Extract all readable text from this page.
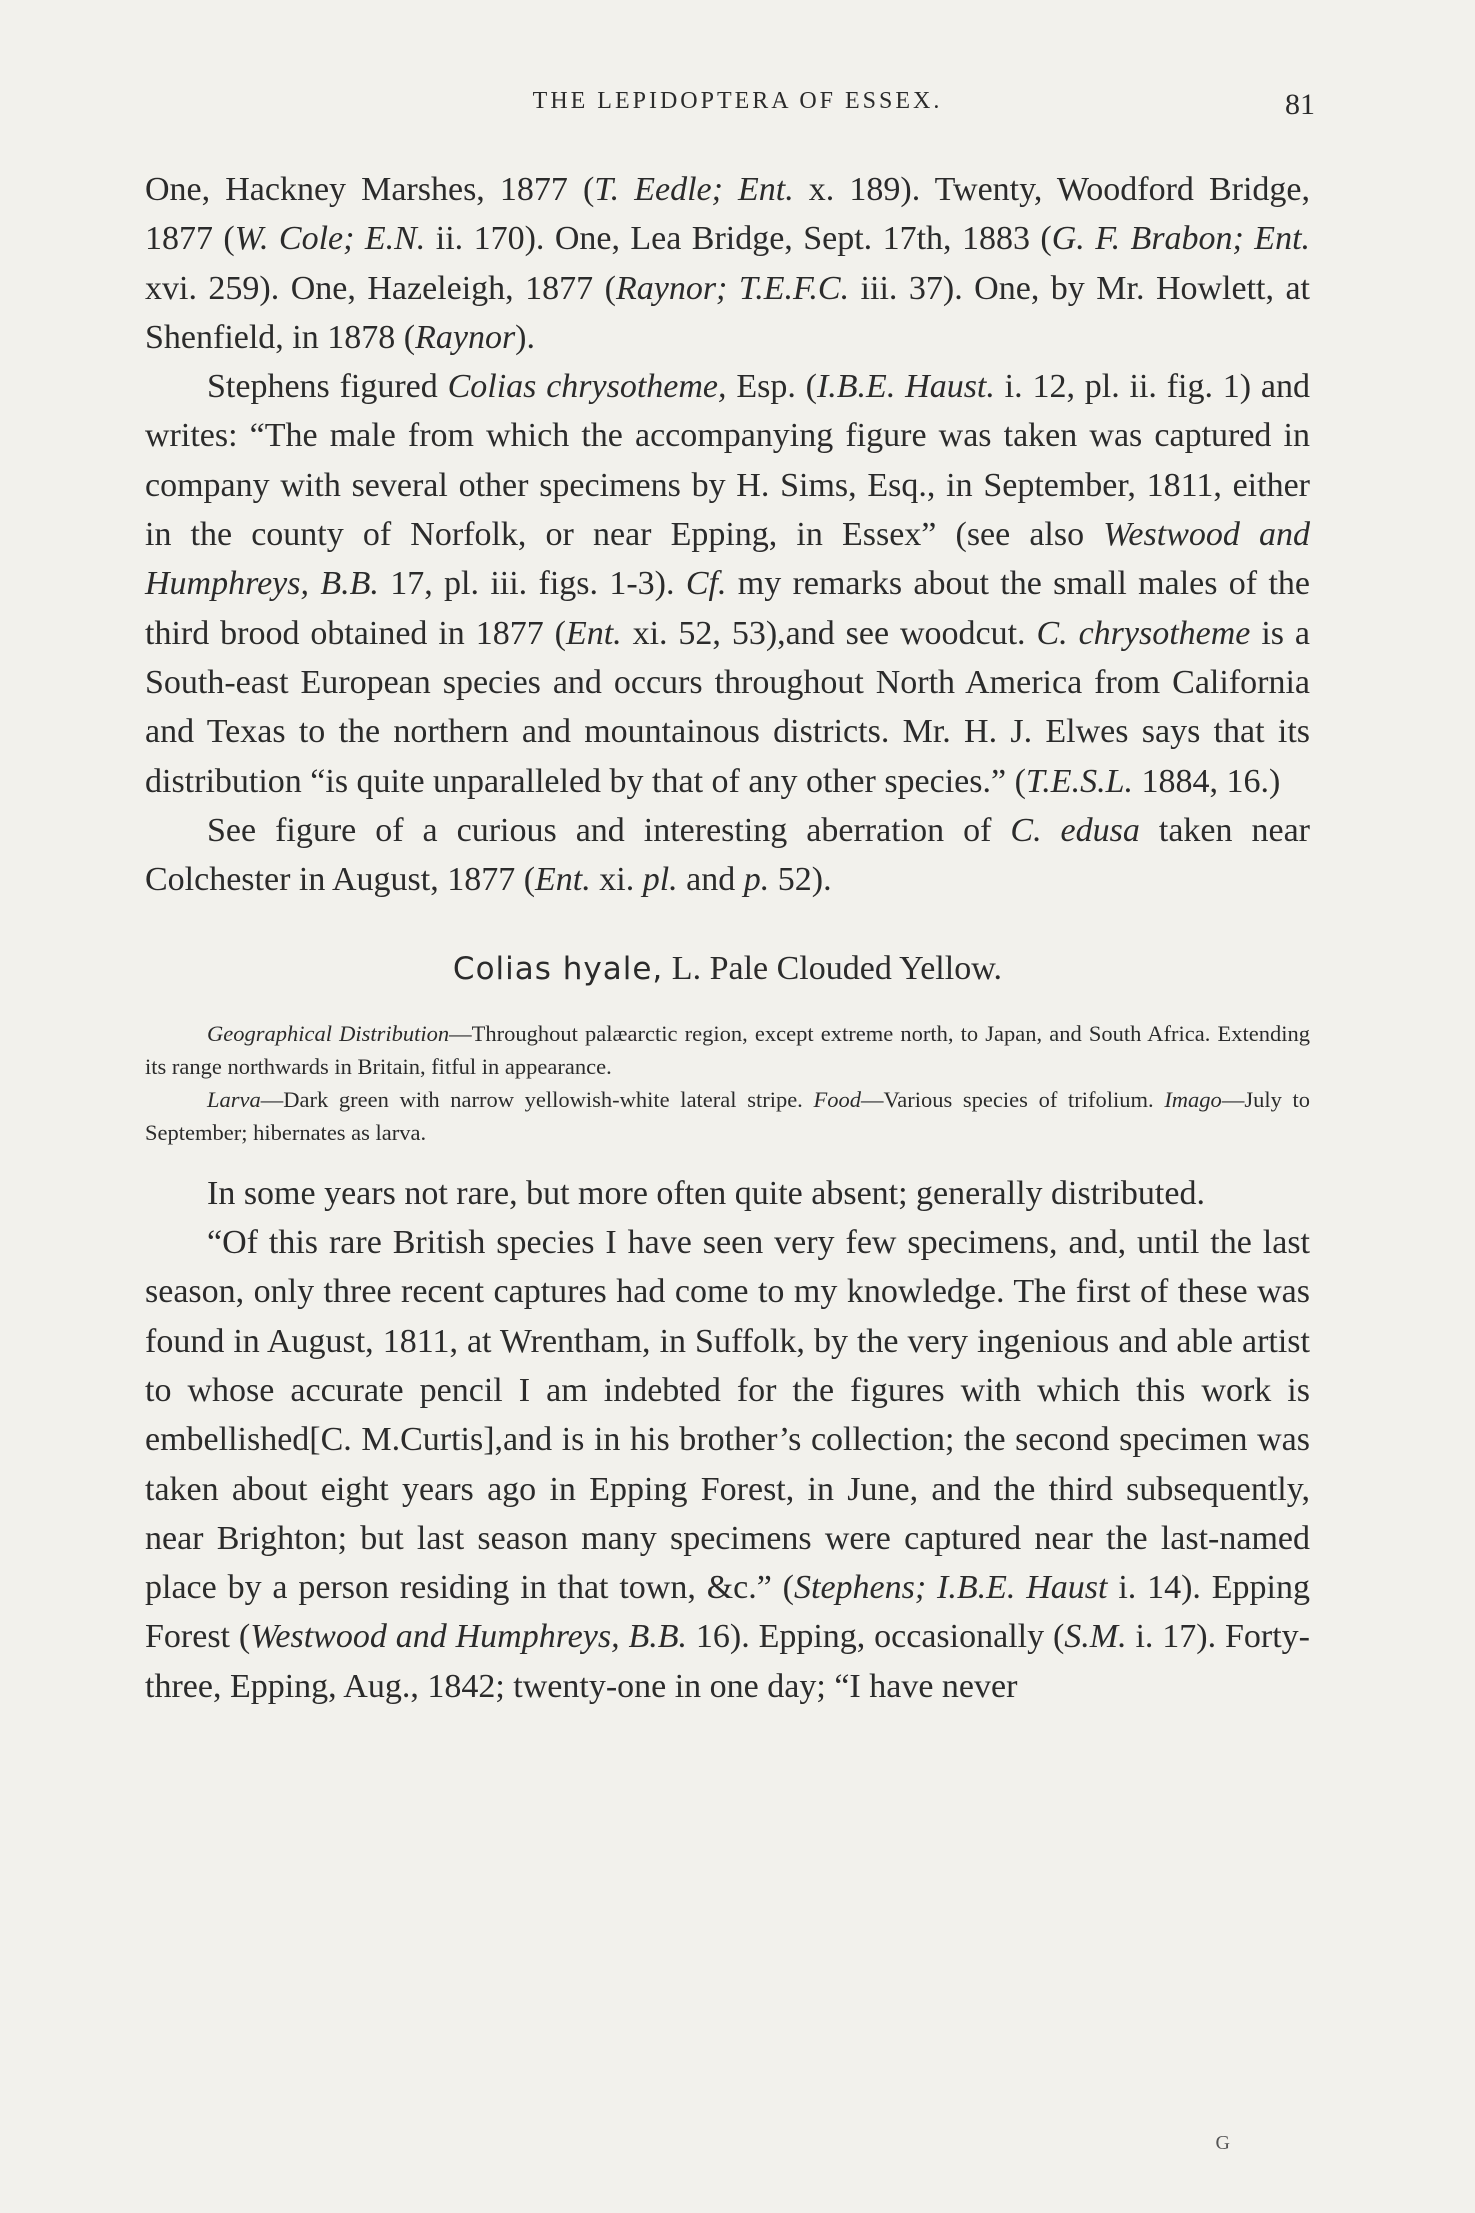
THE LEPIDOPTERA OF ESSEX.	81

One, Hackney Marshes, 1877 (T. Eedle; Ent. x. 189). Twenty, Woodford Bridge, 1877 (W. Cole; E.N. ii. 170). One, Lea Bridge, Sept. 17th, 1883 (G. F. Brabon; Ent. xvi. 259). One, Hazeleigh, 1877 (Raynor; T.E.F.C. iii. 37). One, by Mr. Howlett, at Shenfield, in 1878 (Raynor).

Stephens figured Colias chrysotheme, Esp. (I.B.E. Haust. i. 12, pl. ii. fig. 1) and writes: “The male from which the accompanying figure was taken was captured in company with several other specimens by H. Sims, Esq., in September, 1811, either in the county of Norfolk, or near Epping, in Essex” (see also Westwood and Humphreys, B.B. 17, pl. iii. figs. 1-3). Cf. my remarks about the small males of the third brood obtained in 1877 (Ent. xi. 52, 53),and see woodcut. C. chrysotheme is a South-east European species and occurs throughout North America from California and Texas to the northern and mountainous districts. Mr. H. J. Elwes says that its distribution “is quite unparalleled by that of any other species.” (T.E.S.L. 1884, 16.)

See figure of a curious and interesting aberration of C. edusa taken near Colchester in August, 1877 (Ent. xi. pl. and p. 52).

Colias hyale, L. Pale Clouded Yellow.

Geographical Distribution—Throughout palæarctic region, except extreme north, to Japan, and South Africa. Extending its range northwards in Britain, fitful in appearance.

Larva—Dark green with narrow yellowish-white lateral stripe. Food—Various species of trifolium. Imago—July to September; hibernates as larva.

In some years not rare, but more often quite absent; generally distributed.

“Of this rare British species I have seen very few specimens, and, until the last season, only three recent captures had come to my knowledge. The first of these was found in August, 1811, at Wrentham, in Suffolk, by the very ingenious and able artist to whose accurate pencil I am indebted for the figures with which this work is embellished[C. M.Curtis],and is in his brother’s collection; the second specimen was taken about eight years ago in Epping Forest, in June, and the third subsequently, near Brighton; but last season many specimens were captured near the last-named place by a person residing in that town, &c.” (Stephens; I.B.E. Haust i. 14). Epping Forest (Westwood and Humphreys, B.B. 16). Epping, occasionally (S.M. i. 17). Forty-three, Epping, Aug., 1842; twenty-one in one day; “I have never

G
